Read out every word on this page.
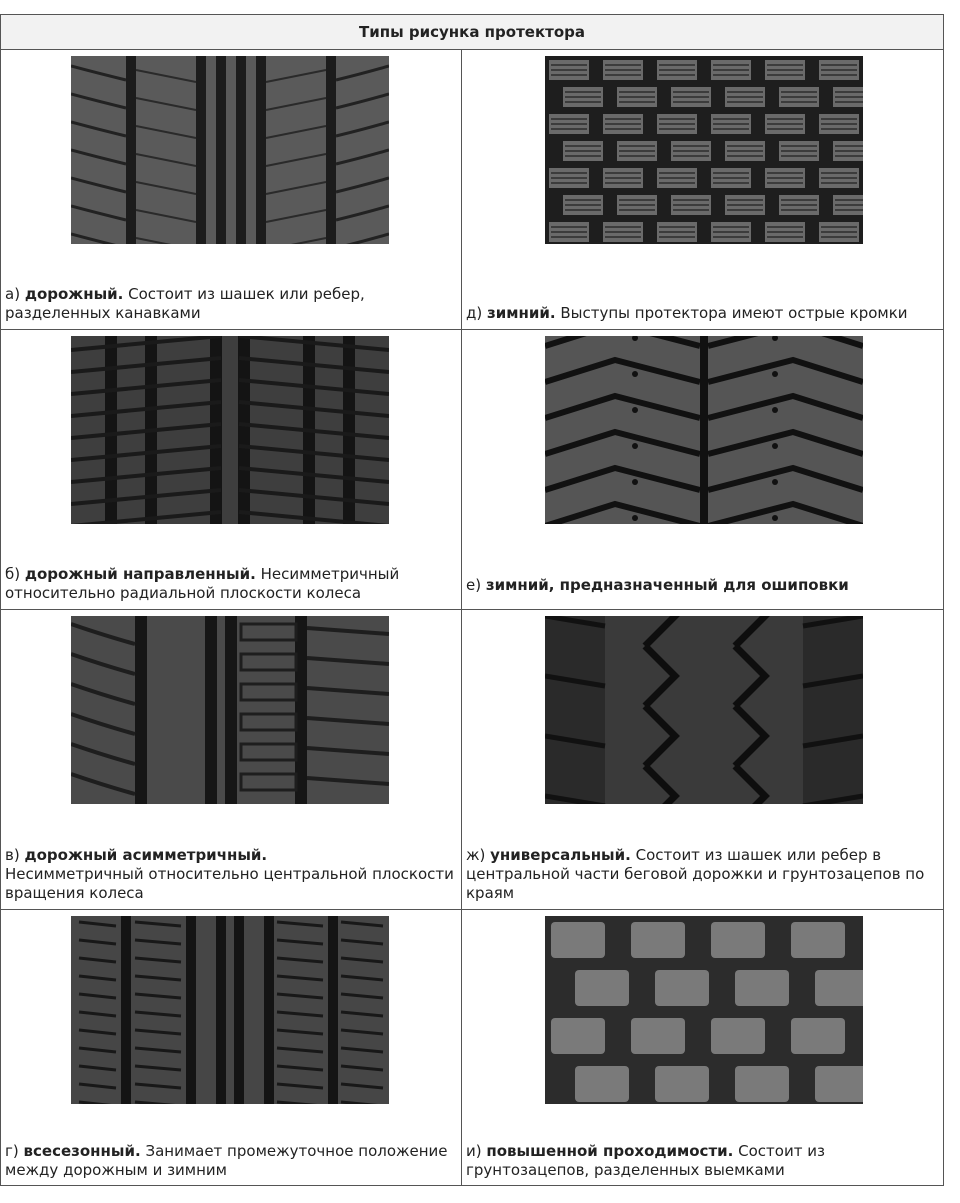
Типы рисунка протектора
а) дорожный. Состоит из шашек или ребер, разделенных канавками	д) зимний. Выступы протектора имеют острые кромки
б) дорожный направленный. Несимметричный относительно радиальной плоскости колеса	е) зимний, предназначенный для ошиповки
в) дорожный асимметричный.
Несимметричный относительно центральной плоскости вращения колеса
ж) универсальный. Состоит из шашек или ребер в центральной части беговой дорожки и грунтозацепов по краям
г) всесезонный. Занимает промежуточное положение между дорожным и зимним
и) повышенной проходимости. Состоит из грунтозацепов, разделенных выемками
